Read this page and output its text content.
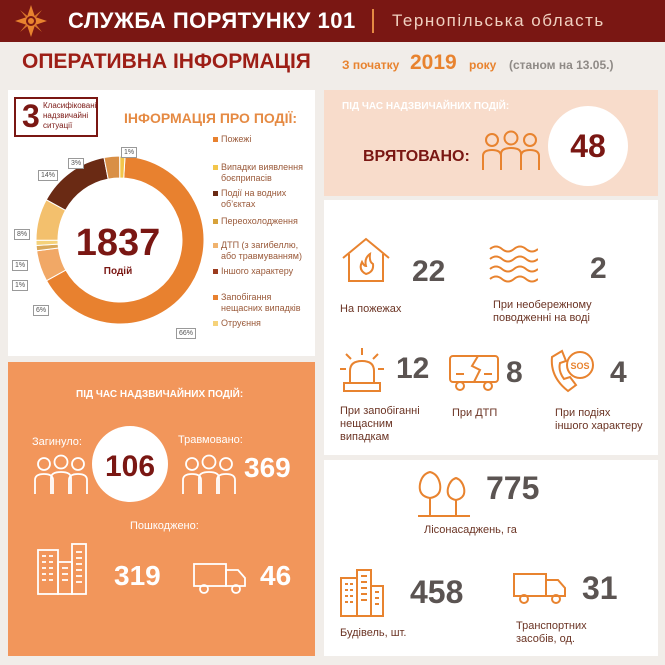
СЛУЖБА ПОРЯТУНКУ 101 Тернопільська область
ОПЕРАТИВНА ІНФОРМАЦІЯ	З початку 2019 року (станом на 13.05.)
3 Класифіковані надзвичайні ситуації	ІНФОРМАЦІЯ ПРО ПОДІЇ:
1837
Подій
1%
3%
14%
8%
1%
1%
6%
66%
Пожежі
Випадки виявлення боєприпасів
Події на водних об’єктах
Переохолодження
ДТП (з загибеллю, або травмуванням)
Іншого характеру
Запобігання нещасних випадків
Отруєння
ПІД ЧАС НАДЗВИЧАЙНИХ ПОДІЙ:
Загинуло:	Травмовано:
106	369
Пошкоджено:
319	46
ПІД ЧАС НАДЗВИЧАЙНИХ ПОДІЙ:
ВРЯТОВАНО:	48
22
На пожежах
2
При необережному поводженні на воді
12
При запобіганні нещасним випадкам
8
При ДТП
SOS 4
При подіях іншого характеру
775
Лісонасаджень, га
458
Будівель, шт.
31
Транспортних засобів, од.
